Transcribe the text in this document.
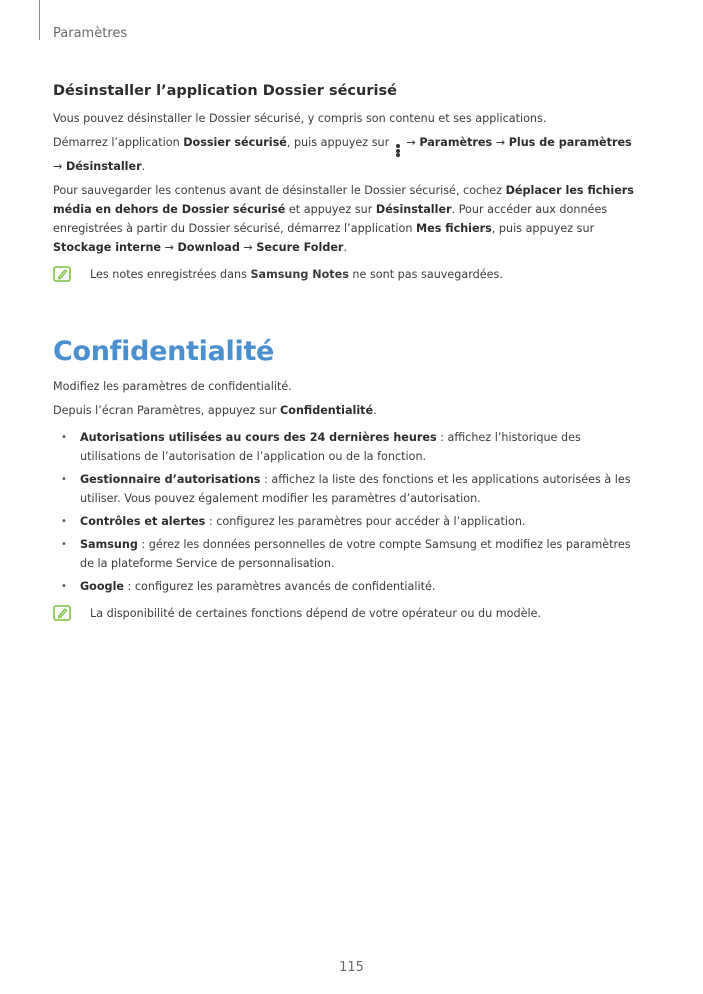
Paramètres
Désinstaller l’application Dossier sécurisé

Vous pouvez désinstaller le Dossier sécurisé, y compris son contenu et ses applications.

Démarrez l’application Dossier sécurisé, puis appuyez sur
→ Paramètres → Plus de paramètres → Désinstaller.

Pour sauvegarder les contenus avant de désinstaller le Dossier sécurisé, cochez Déplacer les fichiers média en dehors de Dossier sécurisé et appuyez sur Désinstaller. Pour accéder aux données enregistrées à partir du Dossier sécurisé, démarrez l’application Mes fichiers, puis appuyez sur Stockage interne → Download → Secure Folder.

Les notes enregistrées dans Samsung Notes ne sont pas sauvegardées.
Confidentialité

Modifiez les paramètres de confidentialité.

Depuis l’écran Paramètres, appuyez sur Confidentialité.

• Autorisations utilisées au cours des 24 dernières heures : affichez l’historique des utilisations de l’autorisation de l’application ou de la fonction.
• Gestionnaire d’autorisations : affichez la liste des fonctions et les applications autorisées à les utiliser. Vous pouvez également modifier les paramètres d’autorisation.
• Contrôles et alertes : configurez les paramètres pour accéder à l’application.
• Samsung : gérez les données personnelles de votre compte Samsung et modifiez les paramètres de la plateforme Service de personnalisation.
• Google : configurez les paramètres avancés de confidentialité.
La disponibilité de certaines fonctions dépend de votre opérateur ou du modèle.
115
